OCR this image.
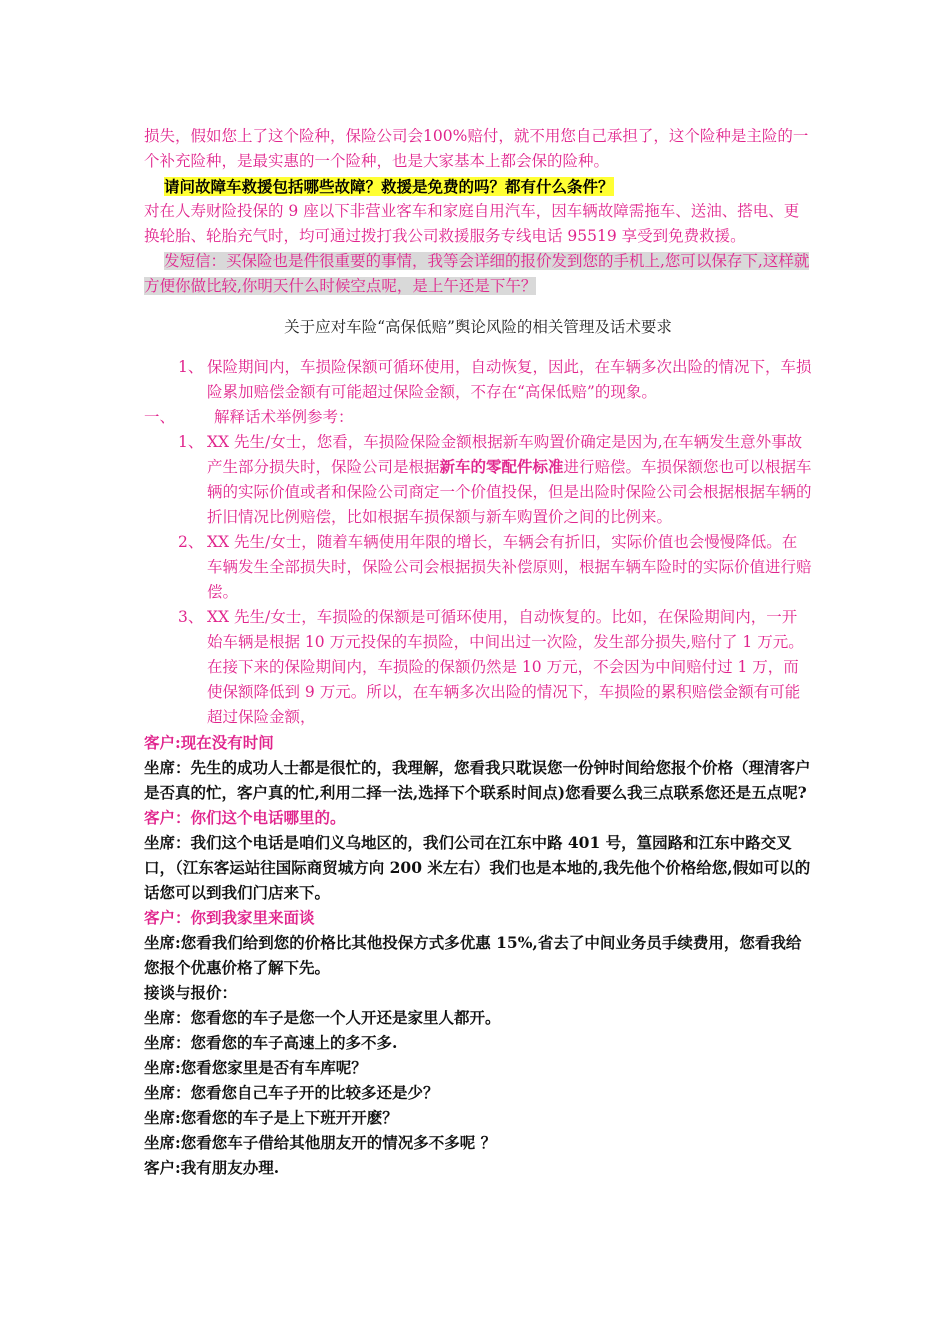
损失，假如您上了这个险种，保险公司会100%赔付，就不用您自己承担了，这个险种是主险的一个补充险种，是最实惠的一个险种，也是大家基本上都会保的险种。

请问故障车救援包括哪些故障？救援是免费的吗？都有什么条件？

对在人寿财险投保的 9 座以下非营业客车和家庭自用汽车，因车辆故障需拖车、送油、搭电、更换轮胎、轮胎充气时，均可通过拨打我公司救援服务专线电话 95519 享受到免费救援。

发短信：买保险也是件很重要的事情，我等会详细的报价发到您的手机上,您可以保存下,这样就方便你做比较,你明天什么时候空点呢，是上午还是下午？

关于应对车险“高保低赔”舆论风险的相关管理及话术要求

1、 保险期间内，车损险保额可循环使用，自动恢复，因此，在车辆多次出险的情况下，车损险累加赔偿金额有可能超过保险金额，不存在“高保低赔”的现象。
一、	解释话术举例参考：
1、 XX 先生/女士，您看，车损险保险金额根据新车购置价确定是因为,在车辆发生意外事故产生部分损失时，保险公司是根据新车的零配件标准进行赔偿。车损保额您也可以根据车辆的实际价值或者和保险公司商定一个价值投保，但是出险时保险公司会根据根据车辆的折旧情况比例赔偿，比如根据车损保额与新车购置价之间的比例来。
2、 XX 先生/女士，随着车辆使用年限的增长，车辆会有折旧，实际价值也会慢慢降低。在车辆发生全部损失时，保险公司会根据损失补偿原则，根据车辆车险时的实际价值进行赔偿。
3、 XX 先生/女士，车损险的保额是可循环使用，自动恢复的。比如，在保险期间内，一开始车辆是根据 10 万元投保的车损险，中间出过一次险，发生部分损失,赔付了 1 万元。在接下来的保险期间内，车损险的保额仍然是 10 万元，不会因为中间赔付过 1 万，而使保额降低到 9 万元。所以，在车辆多次出险的情况下，车损险的累积赔偿金额有可能超过保险金额，

客户:现在没有时间

坐席：先生的成功人士都是很忙的，我理解，您看我只耽误您一份钟时间给您报个价格（理清客户是否真的忙，客户真的忙,利用二择一法,选择下个联系时间点)您看要么我三点联系您还是五点呢?

客户：你们这个电话哪里的。

坐席：我们这个电话是咱们义乌地区的，我们公司在江东中路 401 号，篁园路和江东中路交叉口，（江东客运站往国际商贸城方向 200 米左右）我们也是本地的,我先他个价格给您,假如可以的话您可以到我们门店来下。

客户：你到我家里来面谈

坐席:您看我们给到您的价格比其他投保方式多优惠 15%,省去了中间业务员手续费用，您看我给您报个优惠价格了解下先。

接谈与报价：

坐席：您看您的车子是您一个人开还是家里人都开。

坐席：您看您的车子高速上的多不多.

坐席:您看您家里是否有车库呢？

坐席：您看您自己车子开的比较多还是少？

坐席:您看您的车子是上下班开开麽？

坐席:您看您车子借给其他朋友开的情况多不多呢 ？

客户:我有朋友办理.
